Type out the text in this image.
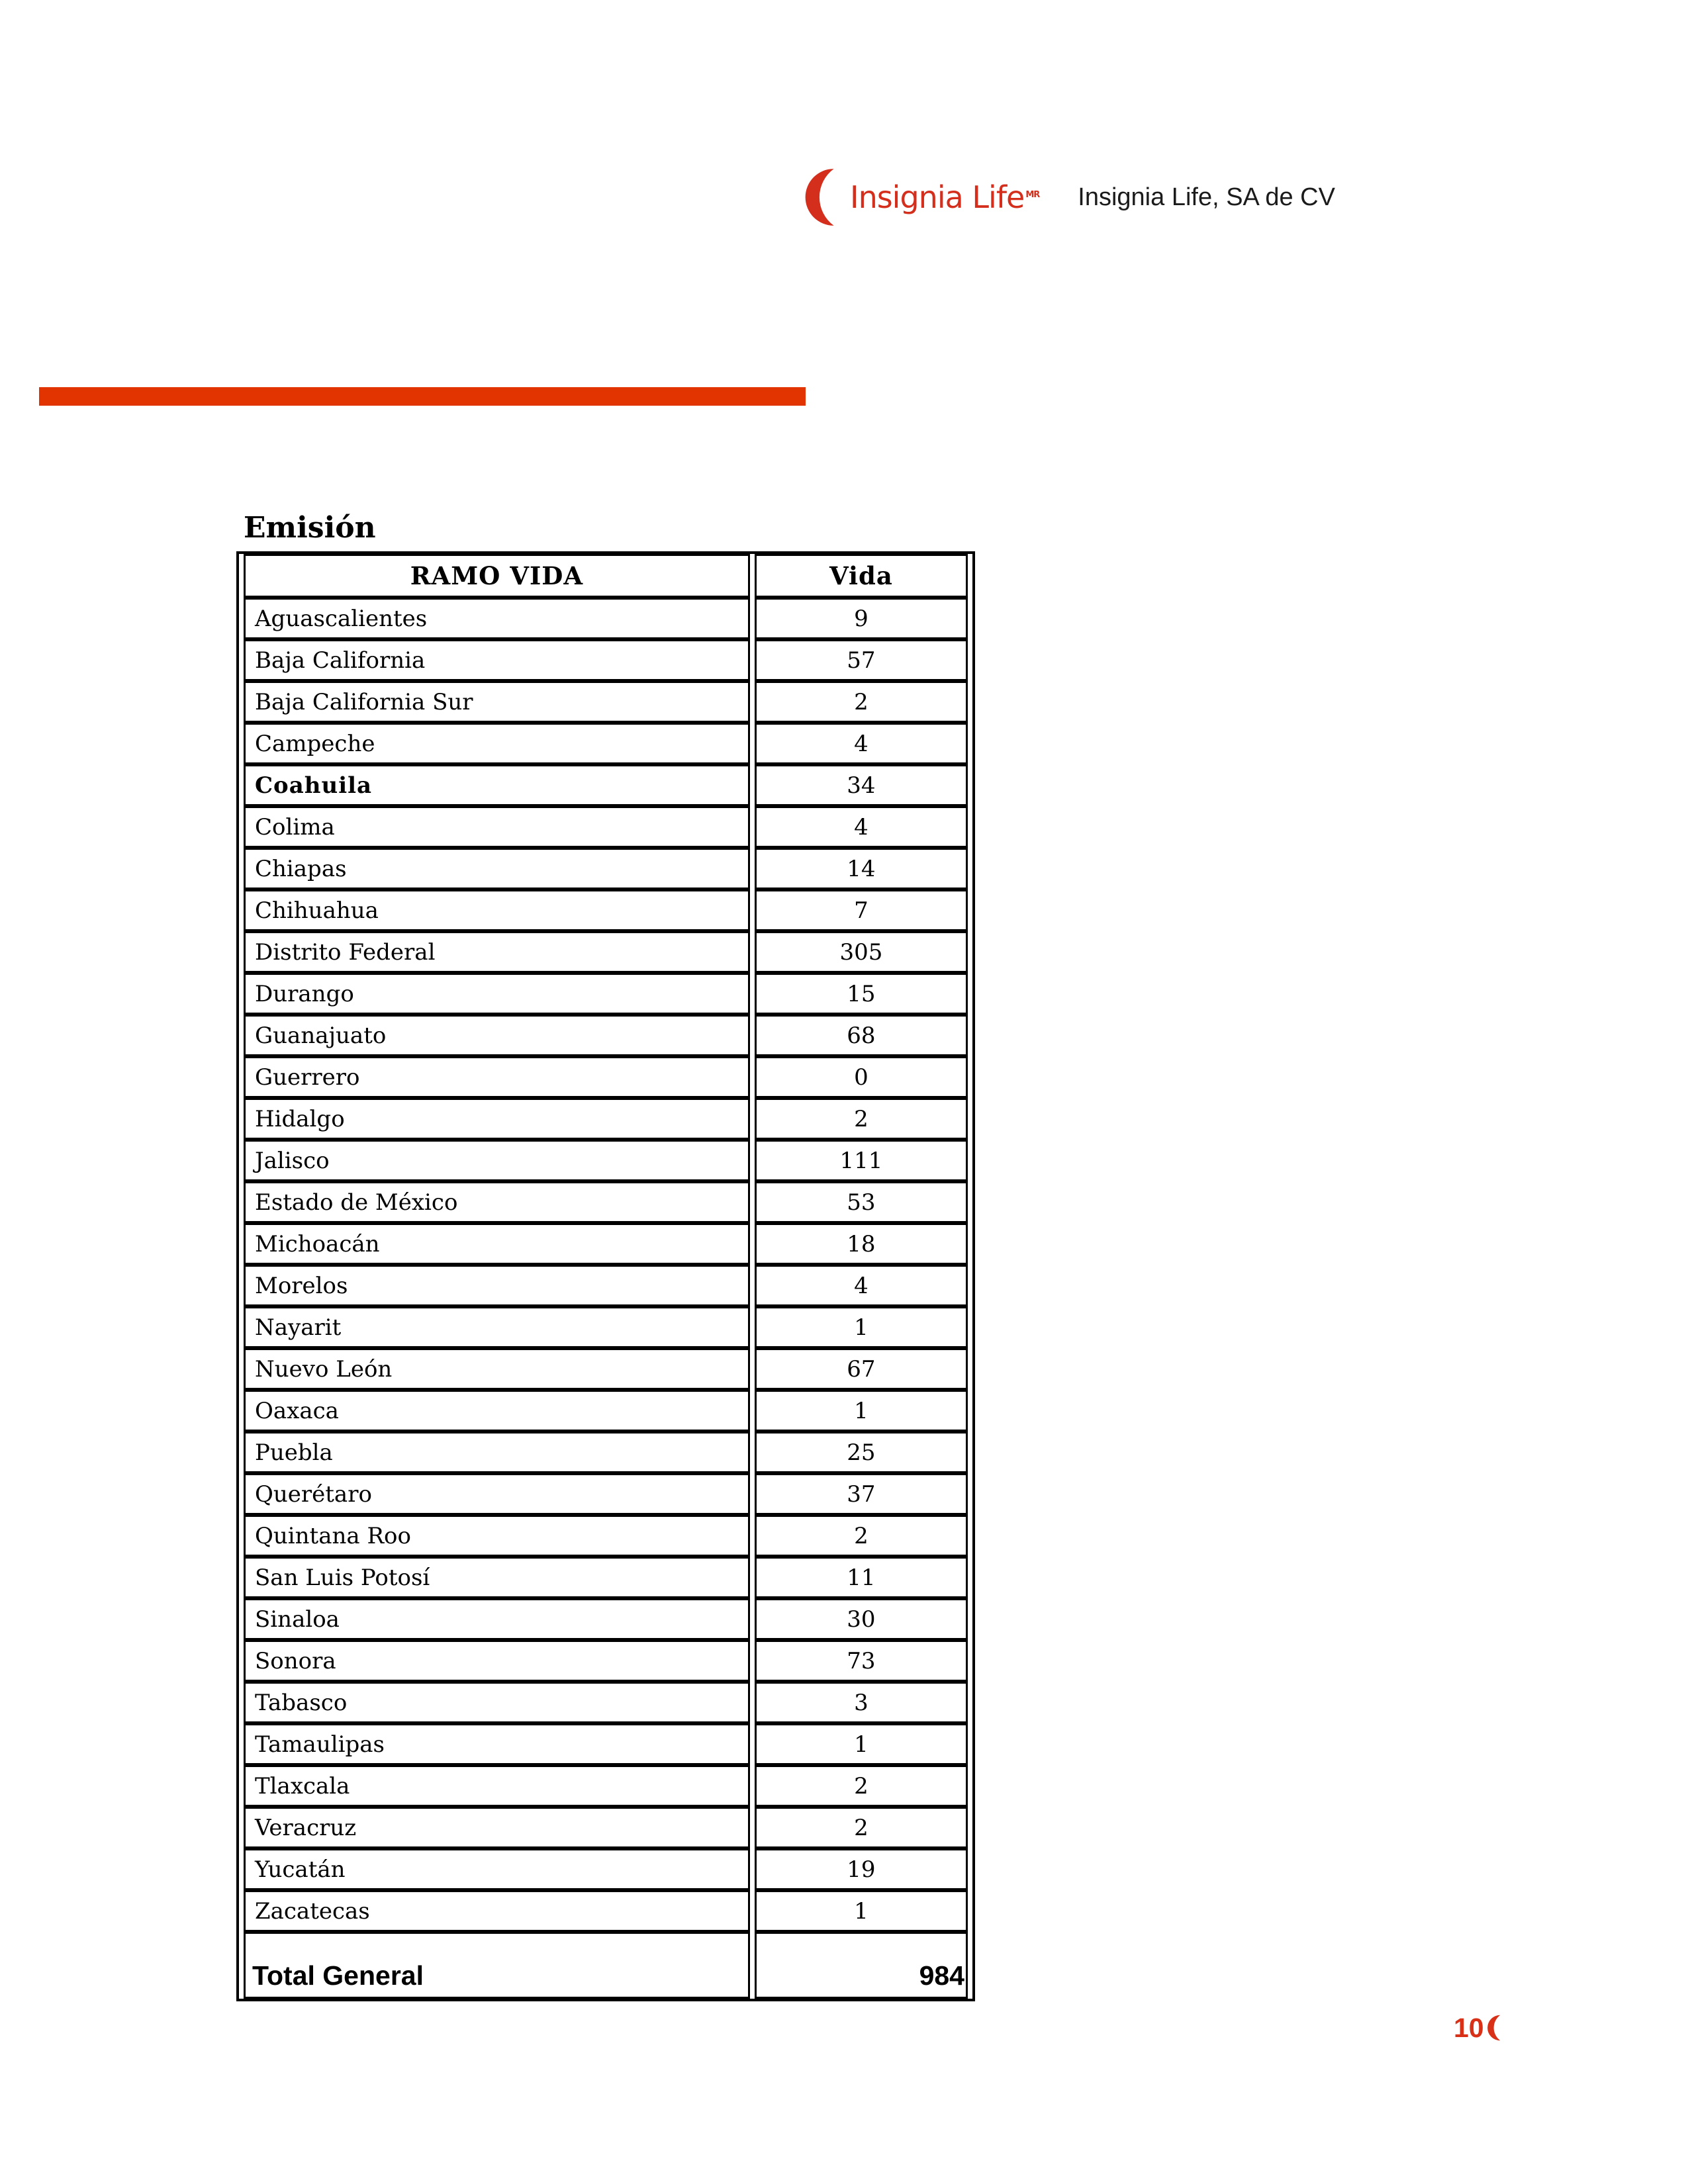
Insignia Life $^{MR}$ Insignia Life, SA de CV
Emisión
RAMO VIDA	Vida
Aguascalientes	9
Baja California	57
Baja California Sur	2
Campeche	4
Coahuila	34
Colima	4
Chiapas	14
Chihuahua	7
Distrito Federal	305
Durango	15
Guanajuato	68
Guerrero	0
Hidalgo	2
Jalisco	111
Estado de México	53
Michoacán	18
Morelos	4
Nayarit	1
Nuevo León	67
Oaxaca	1
Puebla	25
Querétaro	37
Quintana Roo	2
San Luis Potosí	11
Sinaloa	30
Sonora	73
Tabasco	3
Tamaulipas	1
Tlaxcala	2
Veracruz	2
Yucatán	19
Zacatecas	1
Total General	984
10
